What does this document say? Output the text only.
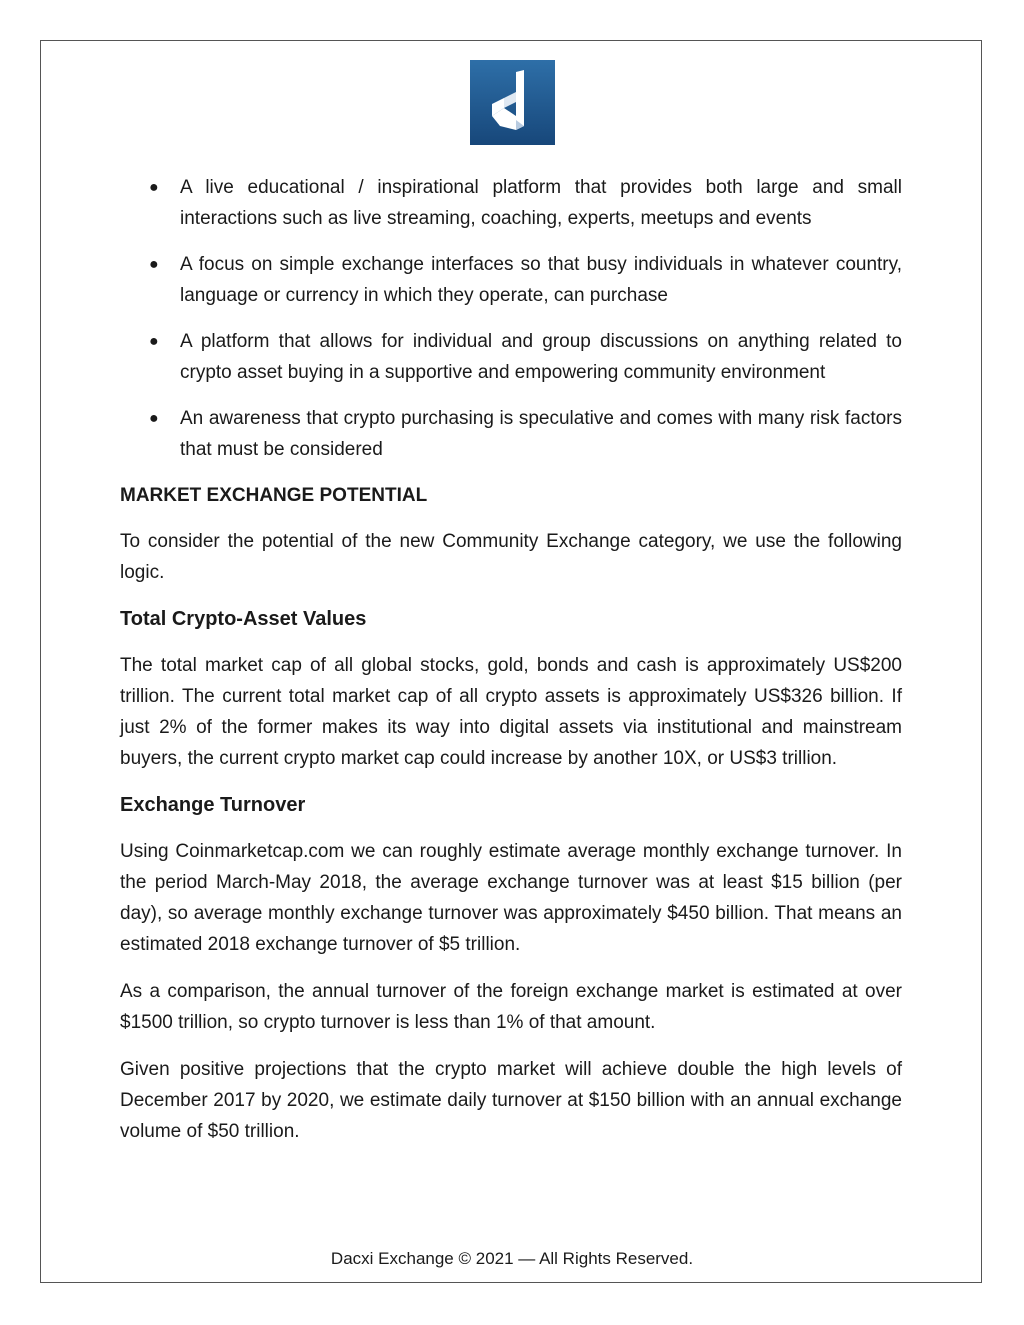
● A live educational / inspirational platform that provides both large and small interactions such as live streaming, coaching, experts, meetups and events
● A focus on simple exchange interfaces so that busy individuals in whatever country, language or currency in which they operate, can purchase
● A platform that allows for individual and group discussions on anything related to crypto asset buying in a supportive and empowering community environment
● An awareness that crypto purchasing is speculative and comes with many risk factors that must be considered
MARKET EXCHANGE POTENTIAL

To consider the potential of the new Community Exchange category, we use the following logic.

Total Crypto-Asset Values

The total market cap of all global stocks, gold, bonds and cash is approximately US$200 trillion. The current total market cap of all crypto assets is approximately US$326 billion. If just 2% of the former makes its way into digital assets via institutional and mainstream buyers, the current crypto market cap could increase by another 10X, or US$3 trillion.

Exchange Turnover

Using Coinmarketcap.com we can roughly estimate average monthly exchange turnover. In the period March-May 2018, the average exchange turnover was at least $15 billion (per day), so average monthly exchange turnover was approximately $450 billion. That means an estimated 2018 exchange turnover of $5 trillion.

As a comparison, the annual turnover of the foreign exchange market is estimated at over $1500 trillion, so crypto turnover is less than 1% of that amount.

Given positive projections that the crypto market will achieve double the high levels of December 2017 by 2020, we estimate daily turnover at $150 billion with an annual exchange volume of $50 trillion.

Dacxi Exchange © 2021 — All Rights Reserved.
